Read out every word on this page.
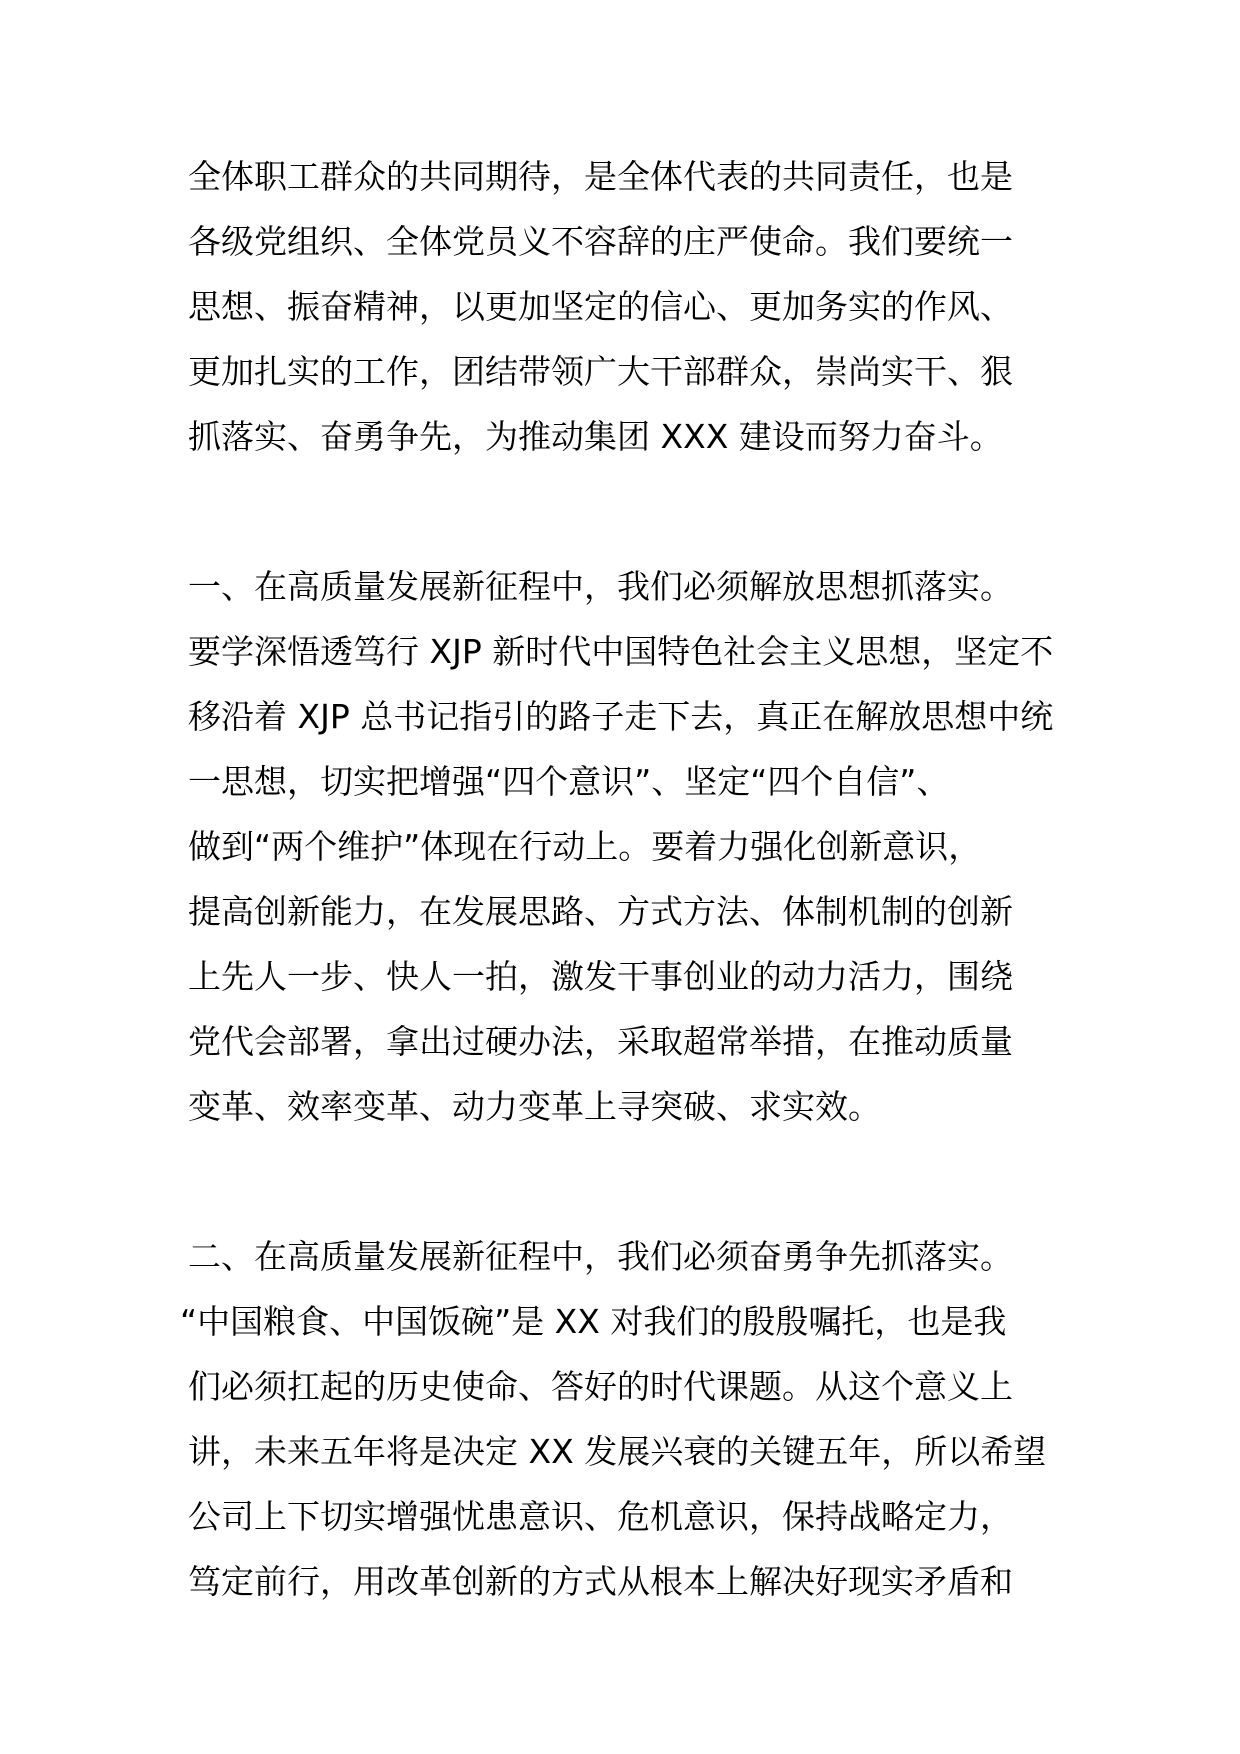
全体职工群众的共同期待，是全体代表的共同责任，也是
各级党组织、全体党员义不容辞的庄严使命。我们要统一
思想、振奋精神，以更加坚定的信心、更加务实的作风、
更加扎实的工作，团结带领广大干部群众，崇尚实干、狠
抓落实、奋勇争先，为推动集团 XXX 建设而努力奋斗。
一、在高质量发展新征程中，我们必须解放思想抓落实。
要学深悟透笃行 XJP 新时代中国特色社会主义思想，坚定不
移沿着 XJP 总书记指引的路子走下去，真正在解放思想中统
一思想，切实把增强“四个意识”、坚定“四个自信”、
做到“两个维护”体现在行动上。要着力强化创新意识，
提高创新能力，在发展思路、方式方法、体制机制的创新
上先人一步、快人一拍，激发干事创业的动力活力，围绕
党代会部署，拿出过硬办法，采取超常举措，在推动质量
变革、效率变革、动力变革上寻突破、求实效。
二、在高质量发展新征程中，我们必须奋勇争先抓落实。
“中国粮食、中国饭碗”是 XX 对我们的殷殷嘱托，也是我
们必须扛起的历史使命、答好的时代课题。从这个意义上
讲，未来五年将是决定 XX 发展兴衰的关键五年，所以希望
公司上下切实增强忧患意识、危机意识，保持战略定力，
笃定前行，用改革创新的方式从根本上解决好现实矛盾和
